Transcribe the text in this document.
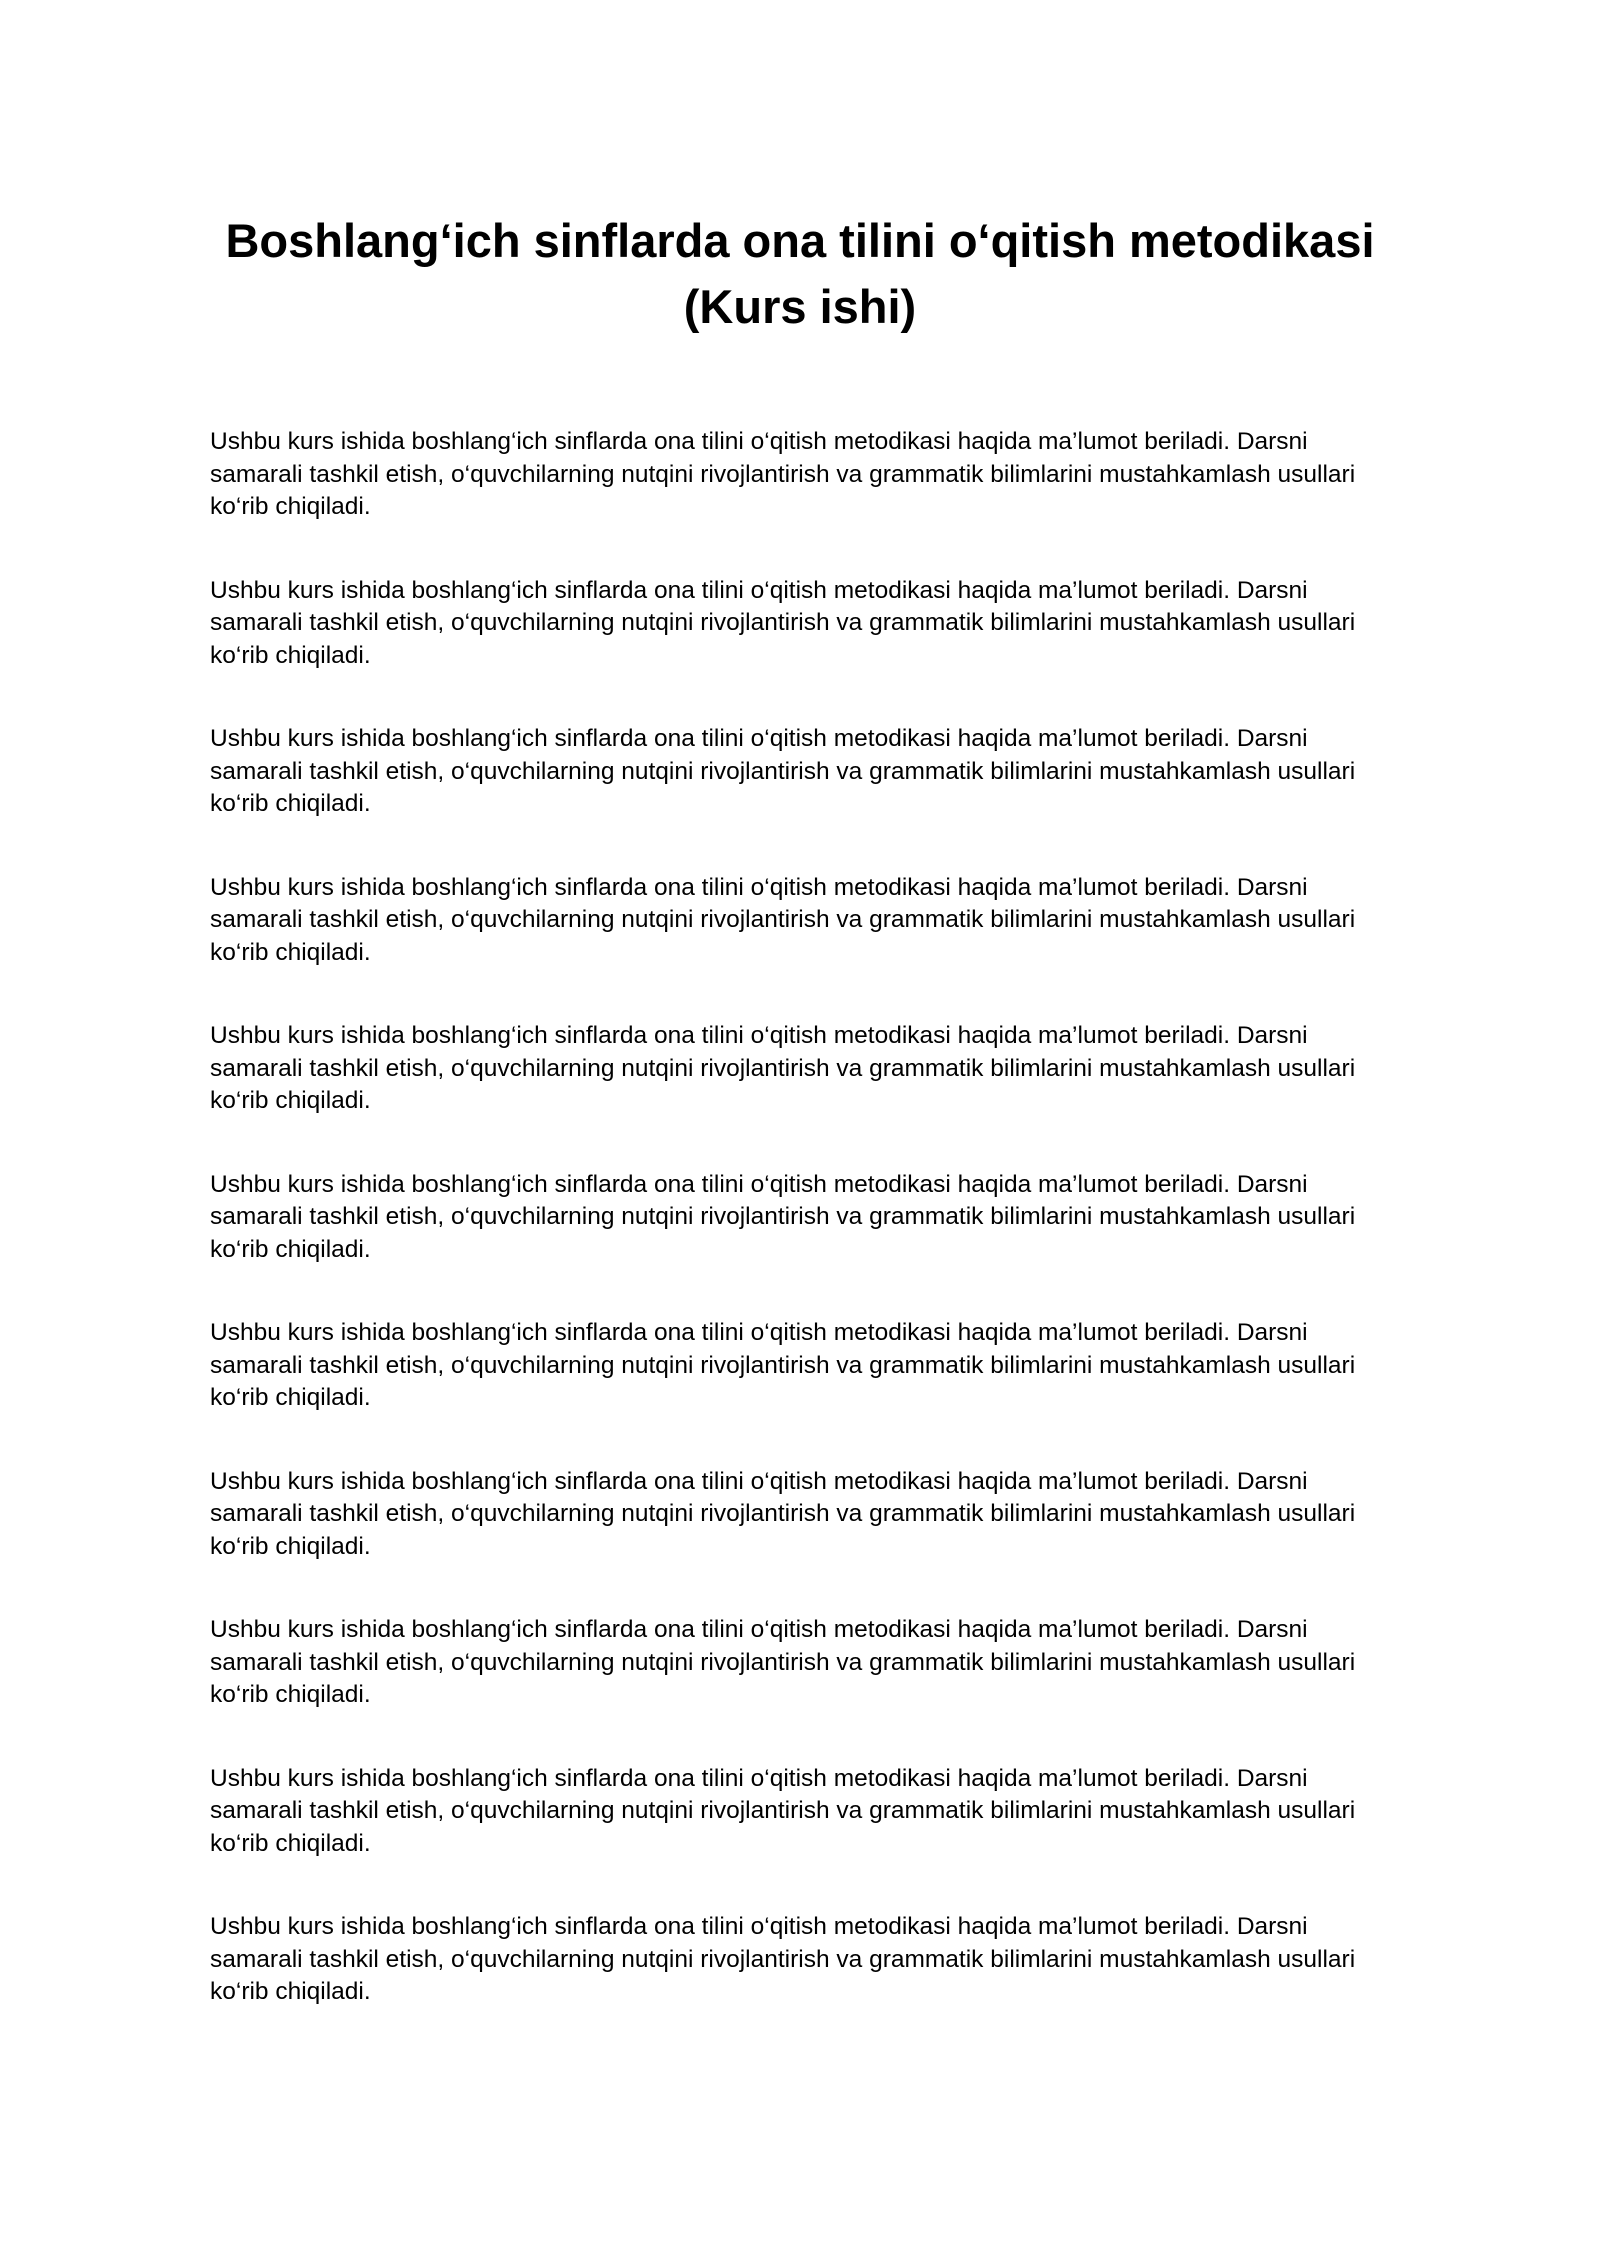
Boshlang‘ich sinflarda ona tilini o‘qitish metodikasi
(Kurs ishi)

Ushbu kurs ishida boshlang‘ich sinflarda ona tilini o‘qitish metodikasi haqida ma’lumot beriladi. Darsni samarali tashkil etish, o‘quvchilarning nutqini rivojlantirish va grammatik bilimlarini mustahkamlash usullari ko‘rib chiqiladi.

Ushbu kurs ishida boshlang‘ich sinflarda ona tilini o‘qitish metodikasi haqida ma’lumot beriladi. Darsni samarali tashkil etish, o‘quvchilarning nutqini rivojlantirish va grammatik bilimlarini mustahkamlash usullari ko‘rib chiqiladi.

Ushbu kurs ishida boshlang‘ich sinflarda ona tilini o‘qitish metodikasi haqida ma’lumot beriladi. Darsni samarali tashkil etish, o‘quvchilarning nutqini rivojlantirish va grammatik bilimlarini mustahkamlash usullari ko‘rib chiqiladi.

Ushbu kurs ishida boshlang‘ich sinflarda ona tilini o‘qitish metodikasi haqida ma’lumot beriladi. Darsni samarali tashkil etish, o‘quvchilarning nutqini rivojlantirish va grammatik bilimlarini mustahkamlash usullari ko‘rib chiqiladi.

Ushbu kurs ishida boshlang‘ich sinflarda ona tilini o‘qitish metodikasi haqida ma’lumot beriladi. Darsni samarali tashkil etish, o‘quvchilarning nutqini rivojlantirish va grammatik bilimlarini mustahkamlash usullari ko‘rib chiqiladi.

Ushbu kurs ishida boshlang‘ich sinflarda ona tilini o‘qitish metodikasi haqida ma’lumot beriladi. Darsni samarali tashkil etish, o‘quvchilarning nutqini rivojlantirish va grammatik bilimlarini mustahkamlash usullari ko‘rib chiqiladi.

Ushbu kurs ishida boshlang‘ich sinflarda ona tilini o‘qitish metodikasi haqida ma’lumot beriladi. Darsni samarali tashkil etish, o‘quvchilarning nutqini rivojlantirish va grammatik bilimlarini mustahkamlash usullari ko‘rib chiqiladi.

Ushbu kurs ishida boshlang‘ich sinflarda ona tilini o‘qitish metodikasi haqida ma’lumot beriladi. Darsni samarali tashkil etish, o‘quvchilarning nutqini rivojlantirish va grammatik bilimlarini mustahkamlash usullari ko‘rib chiqiladi.

Ushbu kurs ishida boshlang‘ich sinflarda ona tilini o‘qitish metodikasi haqida ma’lumot beriladi. Darsni samarali tashkil etish, o‘quvchilarning nutqini rivojlantirish va grammatik bilimlarini mustahkamlash usullari ko‘rib chiqiladi.

Ushbu kurs ishida boshlang‘ich sinflarda ona tilini o‘qitish metodikasi haqida ma’lumot beriladi. Darsni samarali tashkil etish, o‘quvchilarning nutqini rivojlantirish va grammatik bilimlarini mustahkamlash usullari ko‘rib chiqiladi.

Ushbu kurs ishida boshlang‘ich sinflarda ona tilini o‘qitish metodikasi haqida ma’lumot beriladi. Darsni samarali tashkil etish, o‘quvchilarning nutqini rivojlantirish va grammatik bilimlarini mustahkamlash usullari ko‘rib chiqiladi.
